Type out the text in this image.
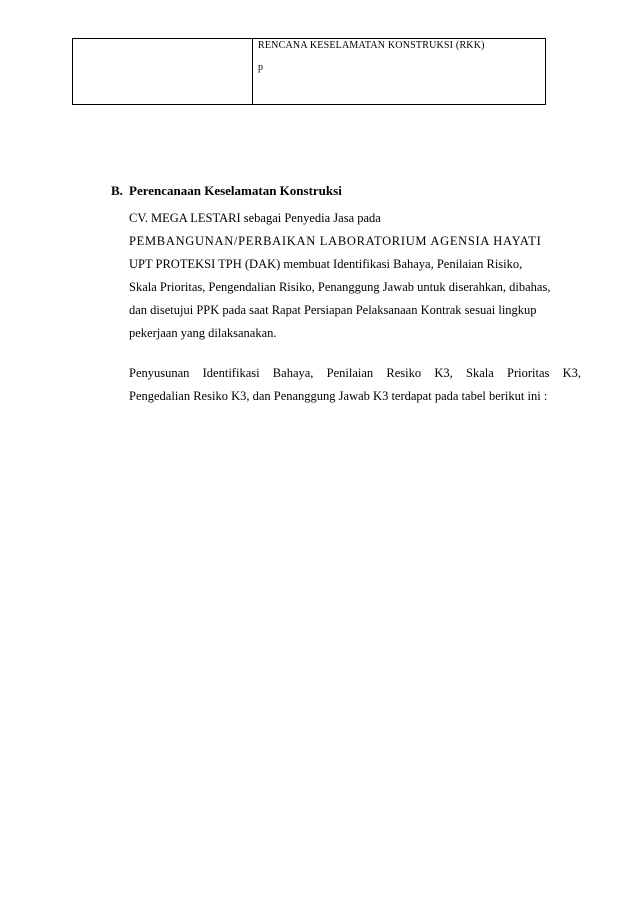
RENCANA KESELAMATAN KONSTRUKSI (RKK)
p
B. Perencanaan Keselamatan Konstruksi
CV. MEGA LESTARI sebagai Penyedia Jasa pada
PEMBANGUNAN/PERBAIKAN LABORATORIUM AGENSIA HAYATI
UPT PROTEKSI TPH (DAK) membuat Identifikasi Bahaya, Penilaian Risiko,
Skala Prioritas, Pengendalian Risiko, Penanggung Jawab untuk diserahkan, dibahas,
dan disetujui PPK pada saat Rapat Persiapan Pelaksanaan Kontrak sesuai lingkup
pekerjaan yang dilaksanakan.
Penyusunan Identifikasi Bahaya, Penilaian Resiko K3, Skala Prioritas K3,
Pengedalian Resiko K3, dan Penanggung Jawab K3 terdapat pada tabel berikut ini :
